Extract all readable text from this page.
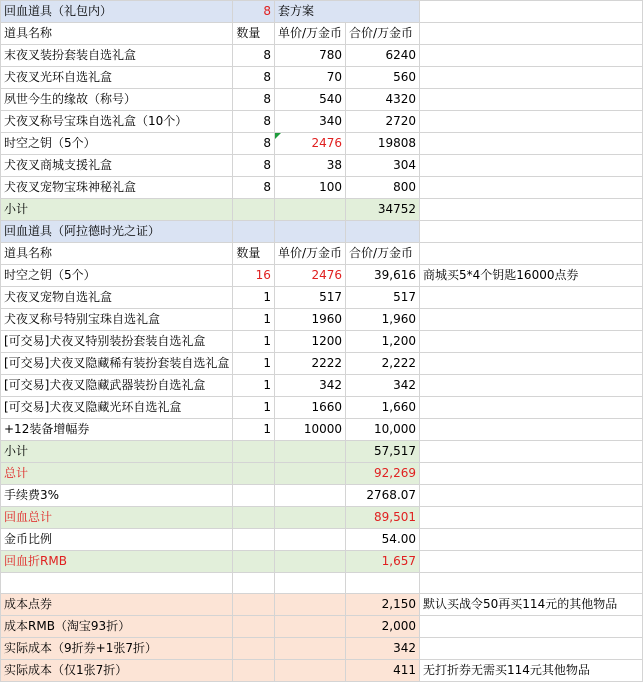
回血道具（礼包内）	8	套方案		
道具名称	数量	单价/万金币	合价/万金币	
末夜叉装扮套装自选礼盒	8	780	6240	
犬夜叉光环自选礼盒	8	70	560	
夙世今生的缘故（称号）	8	540	4320	
犬夜叉称号宝珠自选礼盒（10个）	8	340	2720	
时空之钥（5个）	8	2476	19808	
犬夜叉商城支援礼盒	8	38	304	
犬夜叉宠物宝珠神秘礼盒	8	100	800	
小计			34752	
回血道具（阿拉德时光之证）				
道具名称	数量	单价/万金币	合价/万金币	
时空之钥（5个）	16	2476	39,616	商城买5*4个钥匙16000点券
犬夜叉宠物自选礼盒	1	517	517	
犬夜叉称号特别宝珠自选礼盒	1	1960	1,960	
[可交易]犬夜叉特别装扮套装自选礼盒	1	1200	1,200	
[可交易]犬夜叉隐藏稀有装扮套装自选礼盒	1	2222	2,222	
[可交易]犬夜叉隐藏武器装扮自选礼盒	1	342	342	
[可交易]犬夜叉隐藏光环自选礼盒	1	1660	1,660	
+12装备增幅券	1	10000	10,000	
小计			57,517	
总计			92,269	
手续费3%			2768.07	
回血总计			89,501	
金币比例			54.00	
回血折RMB			1,657	

成本点券			2,150	默认买战令50再买114元的其他物品
成本RMB（淘宝93折）			2,000	
实际成本（9折券+1张7折）			342	
实际成本（仅1张7折）			411	无打折券无需买114元其他物品
